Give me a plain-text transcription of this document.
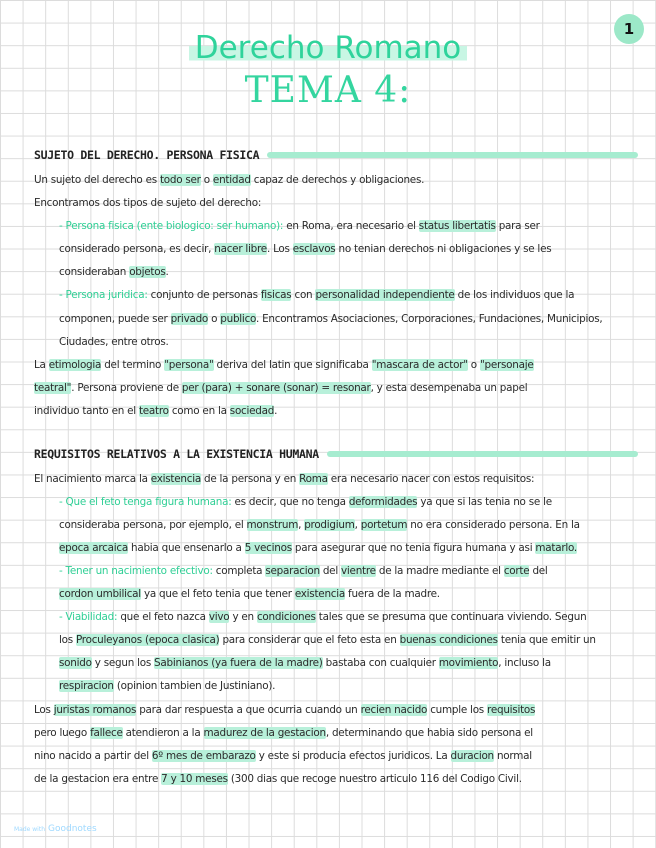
1
Derecho Romano
TEMA 4:
SUJETO DEL DERECHO. PERSONA FISICA
Un sujeto del derecho es todo ser o entidad capaz de derechos y obligaciones.
Encontramos dos tipos de sujeto del derecho:
- Persona fisica (ente biologico: ser humano): en Roma, era necesario el status libertatis para ser
considerado persona, es decir, nacer libre. Los esclavos no tenian derechos ni obligaciones y se les
consideraban objetos.
- Persona juridica: conjunto de personas fisicas con personalidad independiente de los individuos que la
componen, puede ser privado o publico. Encontramos Asociaciones, Corporaciones, Fundaciones, Municipios,
Ciudades, entre otros.
La etimologia del termino "persona" deriva del latin que significaba "mascara de actor" o "personaje
teatral". Persona proviene de per (para) + sonare (sonar) = resonar, y esta desempenaba un papel
individuo tanto en el teatro como en la sociedad.
REQUISITOS RELATIVOS A LA EXISTENCIA HUMANA
El nacimiento marca la existencia de la persona y en Roma era necesario nacer con estos requisitos:
- Que el feto tenga figura humana: es decir, que no tenga deformidades ya que si las tenia no se le
consideraba persona, por ejemplo, el monstrum, prodigium, portetum no era considerado persona. En la
epoca arcaica habia que ensenarlo a 5 vecinos para asegurar que no tenia figura humana y asi matarlo.
- Tener un nacimiento efectivo: completa separacion del vientre de la madre mediante el corte del
cordon umbilical ya que el feto tenia que tener existencia fuera de la madre.
- Viabilidad: que el feto nazca vivo y en condiciones tales que se presuma que continuara viviendo. Segun
los Proculeyanos (epoca clasica) para considerar que el feto esta en buenas condiciones tenia que emitir un
sonido y segun los Sabinianos (ya fuera de la madre) bastaba con cualquier movimiento, incluso la
respiracion (opinion tambien de Justiniano).
Los juristas romanos para dar respuesta a que ocurria cuando un recien nacido cumple los requisitos
pero luego fallece atendieron a la madurez de la gestacion, determinando que habia sido persona el
nino nacido a partir del 6º mes de embarazo y este si producia efectos juridicos. La duracion normal
de la gestacion era entre 7 y 10 meses (300 dias que recoge nuestro articulo 116 del Codigo Civil.
Made with Goodnotes
